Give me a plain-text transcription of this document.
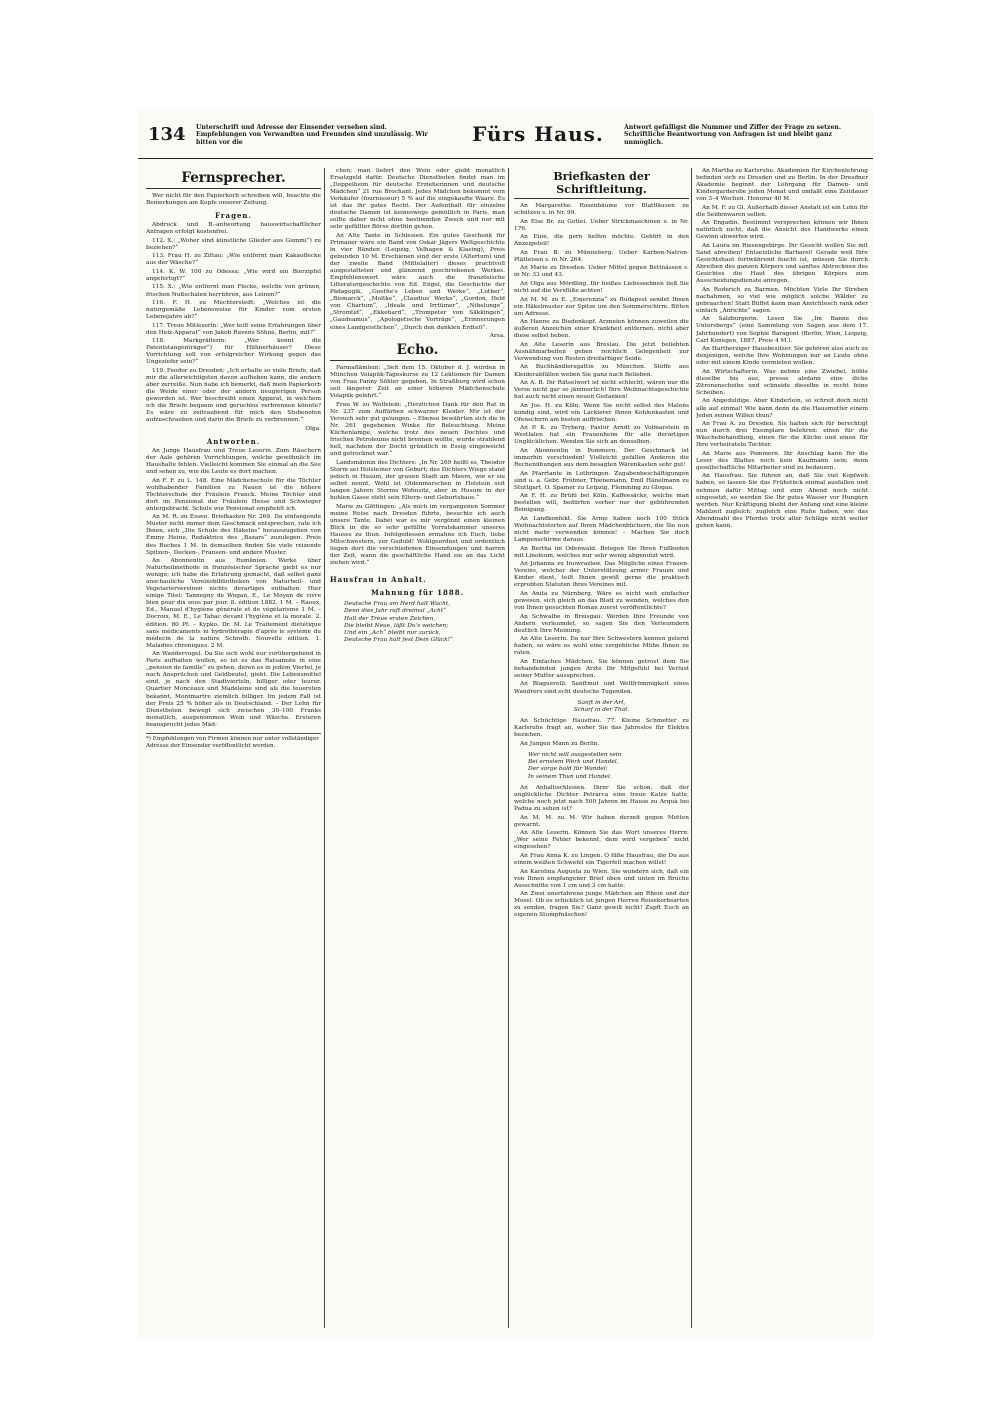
134 Unterschrift und Adresse der Einsender versehen sind. Empfehlungen von Verwandten und Freunden sind unzulässig. Wir bitten vor die	Fürs Haus.	Antwort gefälligst die Nummer und Ziffer der Frage zu setzen. Schriftliche Beantwortung von Anfragen ist und bleibt ganz unmöglich.
Fernsprecher.

Wer nicht für den Papierkorb schreiben will, beachte die Bemerkungen am Kopfe unserer Zeitung.

Fragen.

Abdruck und B.-antwortung hauswirtschaftlicher Anfragen erfolgt kostenfrei.

112. X.: „Woher sind künstliche Glieder aus Gummi“) zu beziehen?“

113. Frau H. zu Zittau: „Wie entfernt man Kakaoflecke aus der Wäsche?“

114. K. W. 100 zu Odessa: „Wie wird ein Bierzipfel angefertigt?“

115. X.: „Wie entfernt man Flecke, welche von grünen, frischen Nußschalen herrühren, aus Leinen?“

116. F. H. zu Mechterstedt: „Welches ist die naturgemäße Lebensweise für Kinder vom ersten Lebensjahre ab?“

117. Treue Mitleserin: „Wer teilt seine Erfahrungen über den Heiz-Apparat“ von Jakob Ravens Söhne, Berlin, mit?“

118. Markgräflerin: „Wer kennt die Patentstangenträger“) für Hühnerhäuser? Diese Vorrichtung soll von erfolgreicher Wirkung gegen das Ungeziefer sein?“

119. Feodor zu Dresden: „Ich erhalte so viele Briefe, daß mir die allerwichtigsten davon aufheben kann, die andern aber zerreiße. Nun habe ich bemerkt, daß mein Papierkorb die Weide einer oder der andern neugierigen Person geworden ist. Wer beschreibt einen Apparat, in welchem ich die Briefe bequem und geruchlos verbrennen könnte? Es wäre zu zeitraubend für mich den Stubenofen aufzuschrauben und darin die Briefe zu verbrennen.“

Olga.

Antworten.

An Junge Hausfrau und Treue Leserin. Zum Räuchern der Aale gehören Vorrichtungen, welche gewöhnlich im Haushalte fehlen. Vielleicht kommen Sie einmal an die See und sehen zu, wie die Leute es dort machen.

An F. F. zu L. 148. Eine Mädchenschule für die Töchter wohlhabender Familien zu Nauen ist die höhere Töchterschule der Fräulein Franck. Meine Töchter sind dort im Pensionat der Fräulein Hesse und Schwieger untergebracht. Schule wie Pensionat empfiehlt ich.

An M. R. zu Essen. Briefkasten Nr. 269. Da einfangende Muster nicht immer dem Geschmack entsprechen, rate ich Ihnen, sich „Die Schule des Häkelns“ herauszugeben von Emmy Heine, Redaktrice des „Bazars“ zuzulegen. Preis des Buches 1 M. In demselben finden Sie viele reizende Spitzen-, Decken-, Fransen- und andere Muster.

An Abonnentin aus Rumänien. Werke über Naturheilmethode in französischer Sprache giebt es nur wenige; ich habe die Erfahrung gemacht, daß selbst ganz anschauliche Vereinsbibliotheken von Naturheil- und Vegetariervereinen nichts derartiges enthalten. Hier einige Titel: Tannegny de Wogan, E., Le Moyen de vivre bien pour dix sous par jour. 8. édition 1882. 1 M. – Raoux, Ed., Manuel d'hygiène générale et de végétarisme 1 M. – Docroix, M. E., Le Tabac devant l'hygiène et la morale. 2. édition. 80 Pf. – Kypko. Dr. M. Le Traitement diététique sans médicaments ni hydrothérapie d'après le système du médecin de la nature Schroth. Nouvelle édition. 1. Maladies chroniques. 2 M.

An Wandervogel. Da Sie sich wohl nur vorübergehend in Paris aufhalten wollen, so ist es das Ratsamste in eine „pension de famille“ zu gehen, deren es in jedem Viertel, je nach Ansprüchen und Geldbeutel, giebt. Die Lebensmittel sind, je nach den Stadtvierteln, billiger oder teurer. Quartier Monceaux und Madeleine sind als die teuersten bekannt, Montmartre ziemlich billiger. Im jedem Fall ist der Preis 25 % höher als in Deutschland. – Der Lohn für Dienstboten bewegt sich zwischen 30–100 Franks monatlich, ausgenommen Wein und Wäsche. Ersteren beansprucht jedes Mäd-

*) Empfehlungen von Firmen können nur unter vollständiger Adresse der Einsender veröffentlicht werden.

chen; man liefert den Wein oder giebt monatlich Ersatzgeld dafür. Deutsche Dienstboten findet man im „Doppelheim für deutsche Erzieherinnen und deutsche Mädchen“ 21 rue Brochant. Jedes Mädchen bekommt vom Verkäufer (fournisseur) 5 % auf die eingekaufte Waare. Es ist das ihr gutes Recht. Der Aufenthalt für einzelne deutsche Damen ist keineswegs gemütlich in Paris, man sollte daher nicht ohne bestimmten Zweck und nur mit sehr gefüllter Börse dorthin gehen.

An Alte Tante in Schlesien. Ein gutes Geschenk für Primaner wäre ein Band von Oskar Jägers Weltgeschichte in vier Bänden (Leipzig, Velhagen & Klasing), Preis gebunden 10 M. Erschienen sind der erste (Altertum) und der zweite Band (Mittelalter) dieses prachtvoll ausgestatteten und glänzend geschriebenen Werkes. Empfehlenswert wäre auch die französische Litteraturgeschichte von Ed. Engel, die Geschichte der Pädagogik, „Goethe's Leben und Werke“, „Luther“, „Bismarck“, „Moltke“, „Claudius' Werke“, „Gordon, Held von Chartum“, „Ideale und Irrtümer“, „Nibelunge“, „Stromtid“, „Ekkehard“, „Trompeter von Säkkingen“, „Gaudeamus“, „Apologetische Vorträge“, „Erinnerungen eines Landgeistlichen“, „Durch den dunklen Erdteil“.

Arsa.

Echo.

Parmaflämlein: „Seit dem 15. Oktober d. J. wurden in München Volapük-Tageskurse zu 12 Lektionen für Damen von Frau Fanny Söhler gegeben. In Straßburg wird schon seit längerer Zeit an einer höheren Mädchenschule Volapük gelehrt.“

Frau W. zu Wolfstein: „Herzlichen Dank für den Rat in Nr. 237 zum Auffärben schwarzer Kleider. Mir ist der Versuch sehr gut gelungen. – Ebenso bewährten sich die in Nr. 261 gegebenen Winke für Beleuchtung. Meine Küchenlampe, welche trotz des neuen Dochtes und frischen Petroleums nicht brennen wollte, wurde strahlend hell, nachdem der Docht gründlich in Essig eingeweicht und getrocknet war.“

Landsmännin des Dichters: „In Nr. 269 heißt es, Theodor Storm sei Holsteiner von Geburt; des Dichters Wiege stand jedoch in Husum, der grauen Stadt am Meere, wie er sie selbst nennt. Wohl ist Oldenmarschen in Holstein seit langen Jahren Storms Wohnsitz, aber in Husum in der hohlen Gasse steht sein Eltern- und Geburtshaus.“

Marie zu Göttingen: „Als mich im vergangenen Sommer meine Reise nach Dresden führte, besuchte ich auch unsere Tante. Dabei war es mir vergönnt einen kleinen Blick in die so sehr gefüllte Vorratskammer unseres Hauses zu thun. Infolgedessen ermahne ich Euch, liebe Mitschwestern, zur Geduld! Wohlgeordnet und ordentlich liegen dort die verschiedenen Einsendungen und harren der Zeit, wann die geschäftliche Hand sie an das Licht ziehen wird.“

Hausfrau in Anhalt.
Mahnung für 1888.
Deutsche Frau am Herd halt Wacht,
Denn dies Jahr ruft dreimal „Acht“
Halt der Treue ersten Zeichen,
Die bleibt Neue, läßt Du's weichen;
Und ein „Ach“ bleibt nur zurück,
Deutsche Frau halt fest Dein Glück!“
Briefkasten der Schriftleitung.

An Margarethe. Rosenbäume vor Blattläusen zu schützen s. in Nr. 99.

An Else Br. zu Gottei. Ueber Strickmaschinen s. in Nr. 176.

An Eine, die gern helfen möchte. Gehört in den Anzeigeteil!

An Frau B. zu Münneberg. Ueber Karbon-Natron-Plätteisen s. in Nr. 264.

An Marie zu Dresden. Ueber Mittel gegen Bettnässen s. in Nr. 33 und 43.

An Olga aus Mördling. Ihr heißes Liebessehnen ließ Sie nicht auf die Versfüße achten!

An M. M. zu E. „Emerenzia“ zu Budapest sendet Ihnen ein Häkelmuster zur Spitze um den Sommerschirm. Bitten um Adresse.

An Hanne zu Biedenkopf. Arzneien können zuweilen die äußeren Anzeichen einer Krankheit entfernen, nicht aber diese selbst heben.

An Alte Leserin aus Breslau. Die jetzt beliebten Ausnähmarbeiten geben reichlich Gelegenheit zur Verwendung von Resten dreifarbiger Seide.

An Buchhändlersgattin zu München. Stoffe aus Kleiderabfällen weben Sie ganz nach Belieben.

An A. B. Ihr Rätselwort ist nicht schlecht, wären nur die Verse nicht gar so jämmerlich! Ihre Weihnachtsgeschichte hat auch nicht einen neuen Gedanken!

An Jos. H. zu Köln. Wenn Sie nicht selbst des Malens kundig sind, wird ein Lackierer Ihnen Kohlenkasten und Ofenschirm am besten auffrischen.

An P. K. zu Tryberg. Pastor Arndt zu Volmarstein in Westfalen hat ein Frauenheim für alle derartigen Unglücklichen. Wenden Sie sich an denselben.

An Abonnentin in Pommern. Der Geschmack ist immerhin verschieden! Vielleicht gefallen Anderen die Rechenübungen aus dem besagten Wärenkasten sehr gut!

An Pfarrtante in Lothringen. Zugabenbeschäftigungen sind u. a. Gebr. Fröbner, Thienemann, Emil Hänelmann zu Stuttgart, O. Spamer zu Leipzig, Flemming zu Glogau.

An F. H. zu Brühl bei Köln. Kaffeesäcke, welche man bestellen will, bedürfen vorher nur der gebührenden Reinigung.

An Landkonfekt. Sie Arme haben noch 100 Stück Weihnachtstorten auf Ihren Mädchenbüchern, die Sie nun nicht mehr verwenden können! – Machen Sie doch Lampenschirme daraus.

An Bertha im Odenwald. Belegen Sie Ihren Fußboden mit Linoleum, welches nur sehr wenig abgenutzt wird.

An Johanna zu Inowrazlaw. Das Mögliche eines Frauen-Vereins, welcher der Unterstützung armer Frauen und Kinder dient, teilt Ihnen gewiß gerne die praktisch erprobten Statuten ihres Vereines mit.

An Anita zu Nürnberg. Wäre es nicht weit einfacher gewesen, sich gleich an das Blatt zu wenden, welches den von Ihnen gesuchten Roman zuerst veröffentlichte?

An Schwalbe in Breisgau. Werden Ihre Freunde von Andern verleumdet, so sagen Sie den Verleumdern deutlich Ihre Meinung.

An Alte Leserin. Da nur Ihre Schwestern kennen gelernt haben, so wäre es wohl eine vergebliche Mühe Ihnen zu raten.

An Einfaches Mädchen. Sie können getrost dem Sie behandelnden jungen Arzte Ihr Mitgefühl bei Verlust seiner Mutter aussprechen.

An Blaguerelli. Sanftmut und Weltfrömmigkeit eines Wandrers sind echt deutsche Tugenden.

Sanft in der Art,
Scharf in der That.

An Schüchtige Hausfrau. 77. Kleine Schmetter zu Karlsruhe fragt an, woher Sie das Jahreslos für Elektra beziehen.

An Jungen Mann zu Berlin.

Wer nicht will ausgestellen sein
Bei ernstem Werk und Handel,
Der sorge bald für Wandel;
In seinem Thun und Handel.

An Anhaltischlesien. Ihrer Sie schon, daß der unglückliche Dichter Petrarca eine treue Katze hatte, welche noch jetzt nach 500 Jahren im Hause zu Arquà bei Padua zu sehen ist?

An M. M. zu M. Wir haben derzeit gegen Motten gewarnt.

An Alte Leserin. Können Sie das Wort unseres Herrn: „Wer seine Fehler bekennt, dem wird vergeben“ nicht eingesehen?

An Frau Anna K. zu Lingen. O füße Hausfrau, die Du aus einem weißen Schwefel ein Tigerfell machen willst!

An Karolina Augusta zu Wien. Sie wundern sich, daß ein von Ihnen empfangener Brief oben und unten im Bruche Ausschnitte von 1 cm und 3 cm hatte.

An Zwei unerfahrene junge Mädchen am Rhein und der Mosel. Ob es schicklich ist jungen Herren Reisekorbsarten zu senden, fragen Sie? Ganz gewiß nicht! Zupft Euch an eigenen Stumpfnäschen!

An Martha zu Karlsruhe. Akademien für Kirchenlehrung befinden sich zu Dresden und zu Berlin. In der Dresdner Akademie beginnt der Lehrgang für Damen- und Kindergarderobe jeden Monat und umfaßt eine Zeitdauer von 3–4 Wochen. Honorar 40 M.

An M. F. zu Gl. Außerhalb dieser Anstalt ist ein Lohn für die Seidenwaren selten.

An Engadin. Bestimmt versprechen können wir Ihnen natürlich nicht, daß die Ansicht des Handwerks einen Gewinn abwerfen wird.

An Laura im Riesengebirge. Ihr Gesicht wollen Sie mit Sand abreiben! Entsetzliche Barbarei! Gerade weil Ihre Gesichtshaut fortwährend feucht ist, müssen Sie durch Abreiben des ganzen Körpers und sanftes Abtrocknen des Gesichtes die Haut des übrigen Körpers zum Ausscheidungsdienste anregen.

An Roderich zu Barmen. Möchten Viele Ihr Streben nachahmen, so viel wie möglich solche Wälder zu gebrauchen! Statt Büffet kann man Anrichtesch rank oder einfach „Anrichte“ sagen.

An Salzburgerin. Lesen Sie „Im Banne des Untersbergs“ (eine Sammlung von Sagen aus dem 17. Jahrhundert) von Sophie Baragont (Berlin, Wien, Leipzig, Carl Konegen, 1887, Preis 4 M.).

An Hartherziger Hausbesitzer. Sie gehören also auch zu denjenigen, welche Ihre Wohnungen nur an Leute ohne oder mit einem Kinde vermieten wollen.

An Wirtschafterin. Was nehme eine Zwiebel, höhle dieselbe bis aus, presse alsdann eine dicke Zitronenscheibe und schneide dieselbe in recht feine Scheiben.

An Angeduldige. Aber Kinderlein, so schreit doch nicht alle auf einmal! Wie kann denn da die Hausmutter einem Jeden seinen Willen thun?

An Frau A. zu Dresden. Sie halten sich für berechtigt nun durch drei Exemplare belehren: einen für die Wäschebehandlung, einen für die Küche und einen für Ihre verheiratete Tochter.

An Marie aus Pommern. Ihr Anschlag kann für die Leser des Blattes noch kein Kaufmann sein; denn gesellschaftliche Mitarbeiter sind zu bedauern.

An Hausfrau. Sie führen an, daß Sie viel Kopfweh haben, so lassen Sie das Frühstück einmal ausfallen und nehmen dafür Mittag und zum Abend noch nicht eingesetzt, so werden Sie Ihr gutes Wasser vor Hungern werden. Nur Kräftigung bleibt der Anfang und eine kleine Mahlzeit zugleich; zugleich eine Ruhe haben, wie das Abendmahl des Pferdes trotz aller Schläge nicht weiter gehen kann.
